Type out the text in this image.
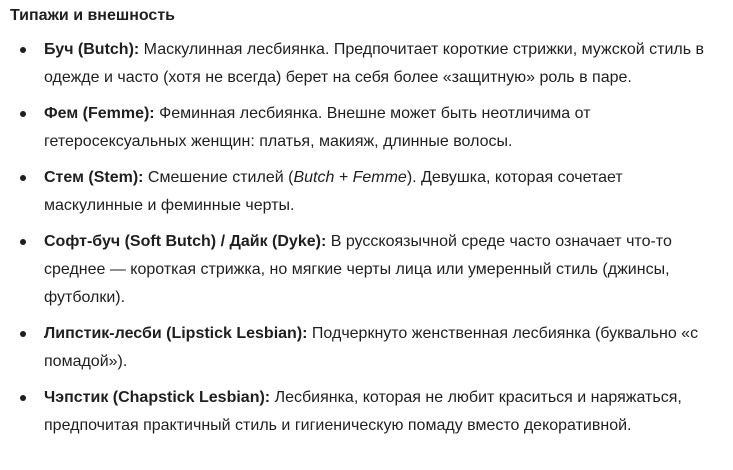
Типажи и внешность
Буч (Butch): Маскулинная лесбиянка. Предпочитает короткие стрижки, мужской стиль в одежде и часто (хотя не всегда) берет на себя более «защитную» роль в паре.
Фем (Femme): Феминная лесбиянка. Внешне может быть неотличима от гетеросексуальных женщин: платья, макияж, длинные волосы.
Стем (Stem): Смешение стилей (Butch + Femme). Девушка, которая сочетает маскулинные и феминные черты.
Софт-буч (Soft Butch) / Дайк (Dyke): В русскоязычной среде часто означает что-то среднее — короткая стрижка, но мягкие черты лица или умеренный стиль (джинсы, футболки).
Липстик-лесби (Lipstick Lesbian): Подчеркнуто женственная лесбиянка (буквально «с помадой»).
Чэпстик (Chapstick Lesbian): Лесбиянка, которая не любит краситься и наряжаться, предпочитая практичный стиль и гигиеническую помаду вместо декоративной.
